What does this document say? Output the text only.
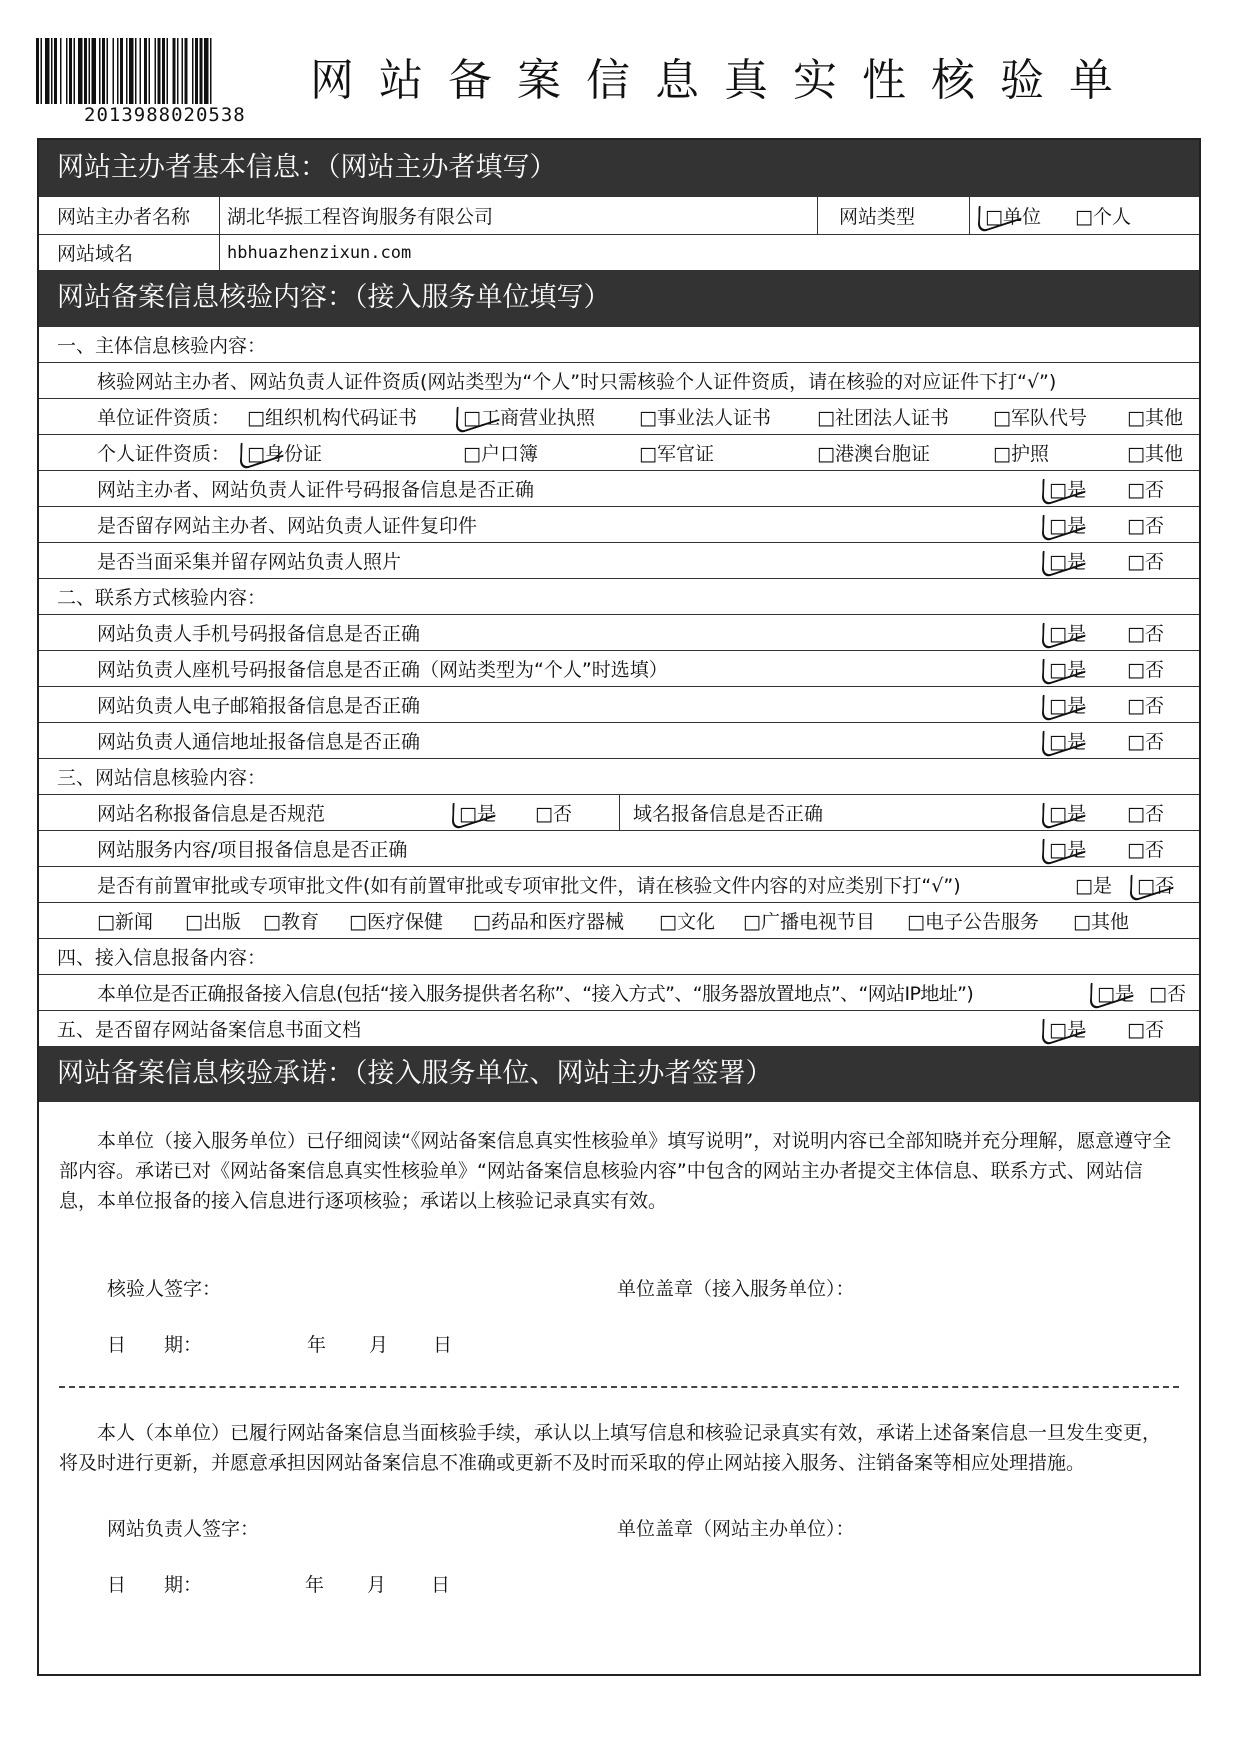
2013988020538
网站备案信息真实性核验单
网站主办者基本信息：（网站主办者填写）
网站主办者名称 湖北华振工程咨询服务有限公司	网站类型	□单位 □个人
网站域名	hbhuazhenzixun.com
网站备案信息核验内容：（接入服务单位填写）
一、主体信息核验内容：
核验网站主办者、网站负责人证件资质(网站类型为“个人”时只需核验个人证件资质，请在核验的对应证件下打“√”)
单位证件资质： □组织机构代码证书 □工商营业执照 □事业法人证书 □社团法人证书 □军队代号 □其他
个人证件资质： □身份证	□户口簿	□军官证	□港澳台胞证	□护照	□其他
网站主办者、网站负责人证件号码报备信息是否正确	□是 □否
是否留存网站主办者、网站负责人证件复印件	□是 □否
是否当面采集并留存网站负责人照片	□是 □否
二、联系方式核验内容：
网站负责人手机号码报备信息是否正确	□是 □否
网站负责人座机号码报备信息是否正确（网站类型为“个人”时选填）	□是 □否
网站负责人电子邮箱报备信息是否正确	□是 □否
网站负责人通信地址报备信息是否正确	□是 □否
三、网站信息核验内容：
网站名称报备信息是否规范	□是 □否	域名报备信息是否正确	□是 □否
网站服务内容/项目报备信息是否正确	□是 □否
是否有前置审批或专项审批文件(如有前置审批或专项审批文件，请在核验文件内容的对应类别下打“√”)	□是 □否
□新闻 □出版 □教育 □医疗保健 □药品和医疗器械 □文化 □广播电视节目 □电子公告服务 □其他
四、接入信息报备内容：
本单位是否正确报备接入信息(包括“接入服务提供者名称”、“接入方式”、“服务器放置地点”、“网站IP地址”)	□是 □否
五、是否留存网站备案信息书面文档	□是 □否
网站备案信息核验承诺：（接入服务单位、网站主办者签署）
本单位（接入服务单位）已仔细阅读“《网站备案信息真实性核验单》填写说明”，对说明内容已全部知晓并充分理解，愿意遵守全部内容。承诺已对《网站备案信息真实性核验单》“网站备案信息核验内容”中包含的网站主办者提交主体信息、联系方式、网站信息，本单位报备的接入信息进行逐项核验；承诺以上核验记录真实有效。
核验人签字：	单位盖章（接入服务单位）：
日　　期：	年 月 日
本人（本单位）已履行网站备案信息当面核验手续，承认以上填写信息和核验记录真实有效，承诺上述备案信息一旦发生变更，将及时进行更新，并愿意承担因网站备案信息不准确或更新不及时而采取的停止网站接入服务、注销备案等相应处理措施。
网站负责人签字：	单位盖章（网站主办单位）：
日　　期：	年 月 日
